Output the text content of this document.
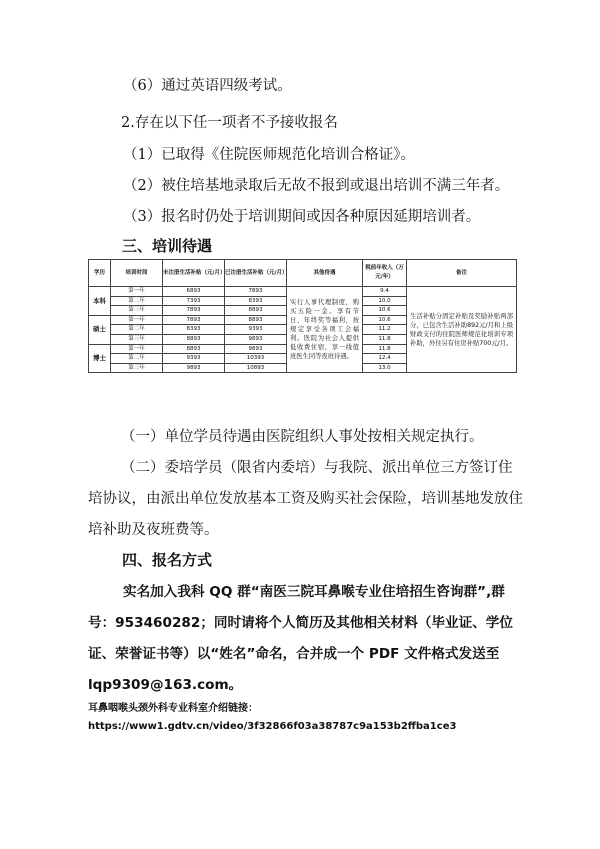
（6）通过英语四级考试。
2.存在以下任一项者不予接收报名
（1）已取得《住院医师规范化培训合格证》。
（2）被住培基地录取后无故不报到或退出培训不满三年者。
（3）报名时仍处于培训期间或因各种原因延期培训者。
三、培训待遇
学历	培训时间	未注册生活补贴（元/月）	已注册生活补贴（元/月）	其他待遇	税前年收入（万元/年）	备注
本科	第一年	6893	7893	实行人事代理制度，购买五险一金。享有节日、年终奖等福利，按规定享受各项工会福利。医院为社会人提供低收费住宿，享一线值班医生同等夜班待遇。	9.4	生活补贴分固定补贴及奖励补贴两部分，已包含生活补助892元/月和上级财政支付的住院医师规范化培训专项补助，外住另有住房补贴700元/月。
	第二年	7393	8393		10.0	
	第三年	7893	8893		10.6	
硕士	第一年	7893	8893		10.6	
	第二年	8393	9393		11.2	
	第三年	8893	9893		11.8	
博士	第一年	8893	9893		11.8	
	第二年	9393	10393		12.4	
	第三年	9893	10893		13.0	
（一）单位学员待遇由医院组织人事处按相关规定执行。
（二）委培学员（限省内委培）与我院、派出单位三方签订住
培协议，由派出单位发放基本工资及购买社会保险，培训基地发放住
培补助及夜班费等。
四、报名方式
实名加入我科 QQ 群“南医三院耳鼻喉专业住培招生咨询群”,群
号：953460282；同时请将个人简历及其他相关材料（毕业证、学位
证、荣誉证书等）以“姓名”命名，合并成一个 PDF 文件格式发送至
lqp9309@163.com。
耳鼻咽喉头颈外科专业科室介绍链接：
https://www1.gdtv.cn/video/3f32866f03a38787c9a153b2ffba1ce3
